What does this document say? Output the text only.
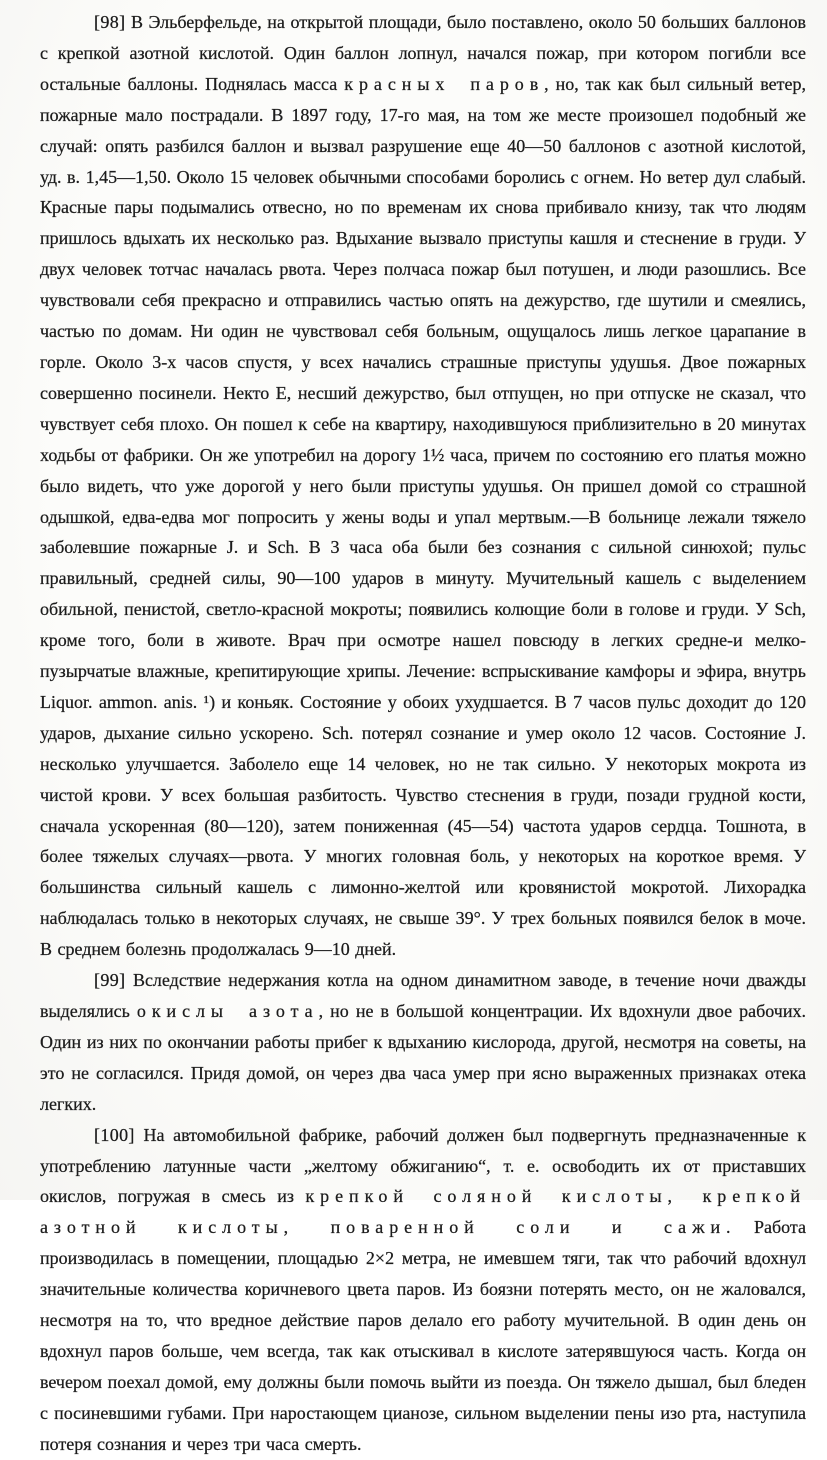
[98] В Эльберфельде, на открытой площади, было поставлено, около 50 больших баллонов с крепкой азотной кислотой. Один баллон лопнул, начался пожар, при котором погибли все остальные баллоны. Поднялась масса красных паров, но, так как был сильный ветер, пожарные мало пострадали. В 1897 году, 17-го мая, на том же месте произошел подобный же случай: опять разбился баллон и вызвал разрушение еще 40—50 баллонов с азотной кислотой, уд. в. 1,45—1,50. Около 15 человек обычными способами боролись с огнем. Но ветер дул слабый. Красные пары подымались отвесно, но по временам их снова прибивало книзу, так что людям пришлось вдыхать их несколько раз. Вдыхание вызвало приступы кашля и стеснение в груди. У двух человек тотчас началась рвота. Через полчаса пожар был потушен, и люди разошлись. Все чувствовали себя прекрасно и отправились частью опять на дежурство, где шутили и смеялись, частью по домам. Ни один не чувствовал себя больным, ощущалось лишь легкое царапание в горле. Около 3-х часов спустя, у всех начались страшные приступы удушья. Двое пожарных совершенно посинели. Некто Е, несший дежурство, был отпущен, но при отпуске не сказал, что чувствует себя плохо. Он пошел к себе на квартиру, находившуюся приблизительно в 20 минутах ходьбы от фабрики. Он же употребил на дорогу 1½ часа, причем по состоянию его платья можно было видеть, что уже дорогой у него были приступы удушья. Он пришел домой со страшной одышкой, едва-едва мог попросить у жены воды и упал мертвым.—В больнице лежали тяжело заболевшие пожарные J. и Sch. В 3 часа оба были без сознания с сильной синюхой; пульс правильный, средней силы, 90—100 ударов в минуту. Мучительный кашель с выделением обильной, пенистой, светло-красной мокроты; появились колющие боли в голове и груди. У Sch, кроме того, боли в животе. Врач при осмотре нашел повсюду в легких средне-и мелко-пузырчатые влажные, крепитирующие хрипы. Лечение: вспрыскивание камфоры и эфира, внутрь Liquor. ammon. anis. ¹) и коньяк. Состояние у обоих ухудшается. В 7 часов пульс доходит до 120 ударов, дыхание сильно ускорено. Sch. потерял сознание и умер около 12 часов. Состояние J. несколько улучшается. Заболело еще 14 человек, но не так сильно. У некоторых мокрота из чистой крови. У всех большая разбитость. Чувство стеснения в груди, позади грудной кости, сначала ускоренная (80—120), затем пониженная (45—54) частота ударов сердца. Тошнота, в более тяжелых случаях—рвота. У многих головная боль, у некоторых на короткое время. У большинства сильный кашель с лимонно-желтой или кровянистой мокротой. Лихорадка наблюдалась только в некоторых случаях, не свыше 39°. У трех больных появился белок в моче. В среднем болезнь продолжалась 9—10 дней.

[99] Вследствие недержания котла на одном динамитном заводе, в течение ночи дважды выделялись окислы азота, но не в большой концентрации. Их вдохнули двое рабочих. Один из них по окончании работы прибег к вдыханию кислорода, другой, несмотря на советы, на это не согласился. Придя домой, он через два часа умер при ясно выраженных признаках отека легких.

[100] На автомобильной фабрике, рабочий должен был подвергнуть предназначенные к употреблению латунные части „желтому обжиганию“, т. е. освободить их от приставших окислов, погружая в смесь из крепкой соляной кислоты, крепкой азотной кислоты, поваренной соли и сажи. Работа производилась в помещении, площадью 2×2 метра, не имевшем тяги, так что рабочий вдохнул значительные количества коричневого цвета паров. Из боязни потерять место, он не жаловался, несмотря на то, что вредное действие паров делало его работу мучительной. В один день он вдохнул паров больше, чем всегда, так как отыскивал в кислоте затерявшуюся часть. Когда он вечером поехал домой, ему должны были помочь выйти из поезда. Он тяжело дышал, был бледен с посиневшими губами. При наростающем цианозе, сильном выделении пены изо рта, наступила потеря сознания и через три часа смерть.
